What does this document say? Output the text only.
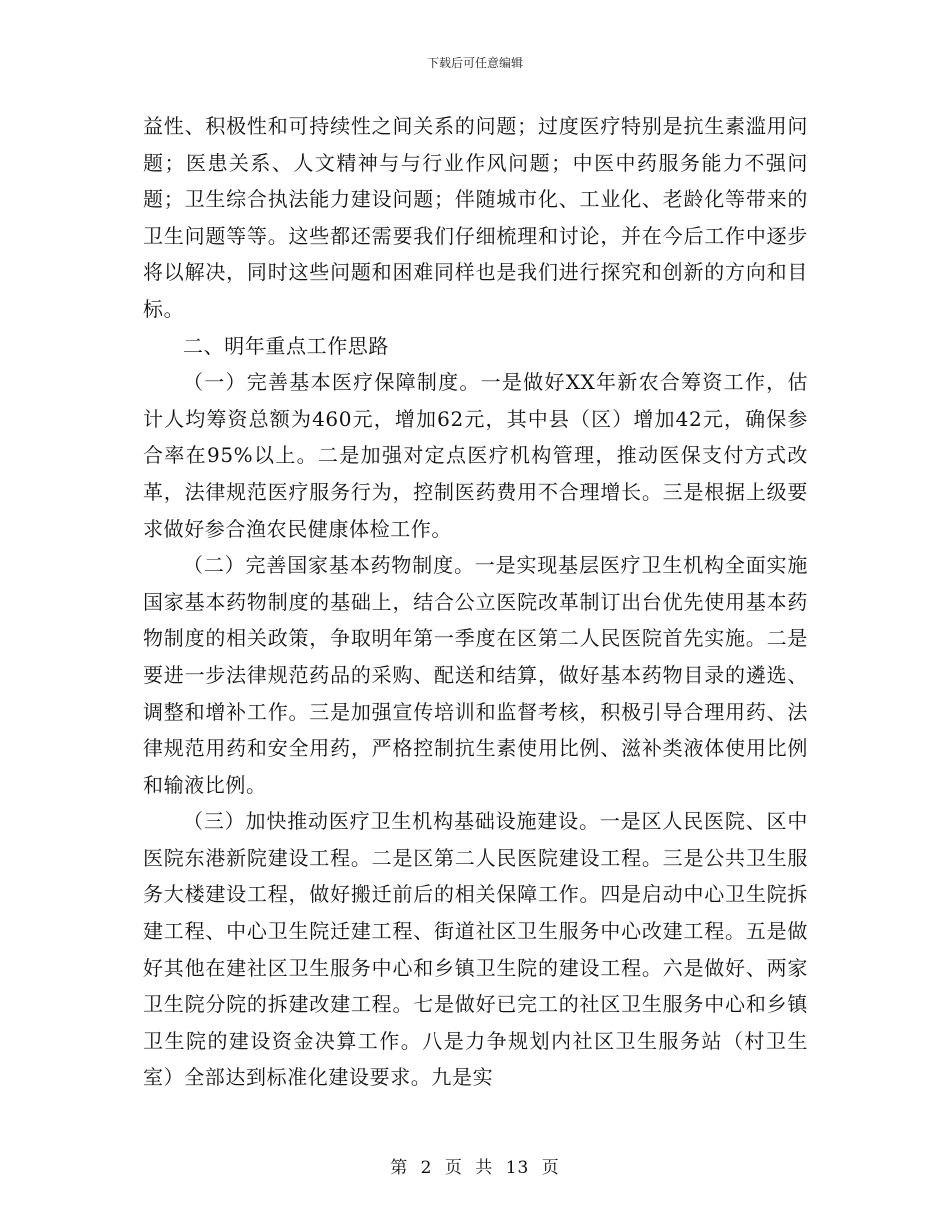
下载后可任意编辑

益性、积极性和可持续性之间关系的问题；过度医疗特别是抗生素滥用问题；医患关系、人文精神与与行业作风问题；中医中药服务能力不强问题；卫生综合执法能力建设问题；伴随城市化、工业化、老龄化等带来的卫生问题等等。这些都还需要我们仔细梳理和讨论，并在今后工作中逐步将以解决，同时这些问题和困难同样也是我们进行探究和创新的方向和目标。

二、明年重点工作思路

（一）完善基本医疗保障制度。一是做好XX年新农合筹资工作，估计人均筹资总额为460元，增加62元，其中县（区）增加42元，确保参合率在95%以上。二是加强对定点医疗机构管理，推动医保支付方式改革，法律规范医疗服务行为，控制医药费用不合理增长。三是根据上级要求做好参合渔农民健康体检工作。

（二）完善国家基本药物制度。一是实现基层医疗卫生机构全面实施国家基本药物制度的基础上，结合公立医院改革制订出台优先使用基本药物制度的相关政策，争取明年第一季度在区第二人民医院首先实施。二是要进一步法律规范药品的采购、配送和结算，做好基本药物目录的遴选、调整和增补工作。三是加强宣传培训和监督考核，积极引导合理用药、法律规范用药和安全用药，严格控制抗生素使用比例、滋补类液体使用比例和输液比例。

（三）加快推动医疗卫生机构基础设施建设。一是区人民医院、区中医院东港新院建设工程。二是区第二人民医院建设工程。三是公共卫生服务大楼建设工程，做好搬迁前后的相关保障工作。四是启动中心卫生院拆建工程、中心卫生院迁建工程、街道社区卫生服务中心改建工程。五是做好其他在建社区卫生服务中心和乡镇卫生院的建设工程。六是做好、两家卫生院分院的拆建改建工程。七是做好已完工的社区卫生服务中心和乡镇卫生院的建设资金决算工作。八是力争规划内社区卫生服务站（村卫生室）全部达到标准化建设要求。九是实

第 2 页 共 13 页
